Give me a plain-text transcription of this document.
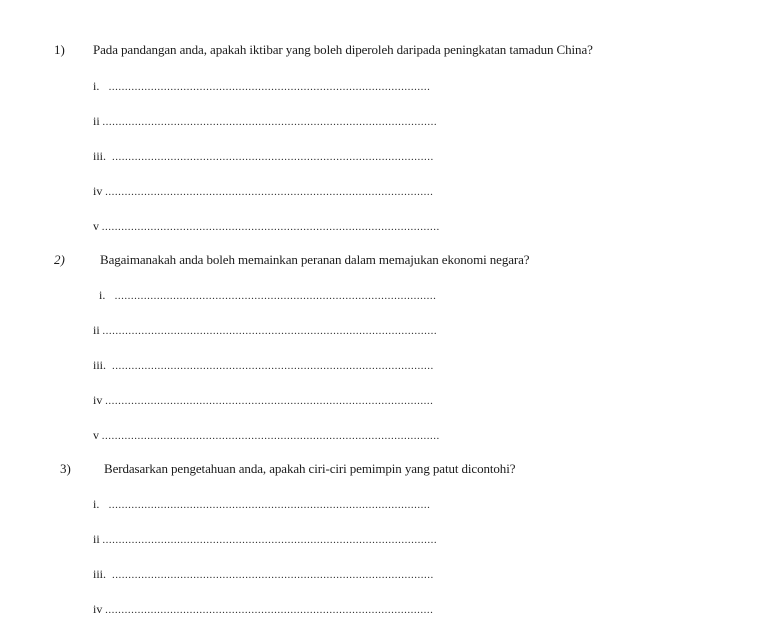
1) Pada pandangan anda, apakah iktibar yang boleh diperoleh daripada peningkatan tamadun China?
i.   ...................................................................................................
ii .......................................................................................................
iii.  ...................................................................................................
iv .....................................................................................................
v ........................................................................................................
2)	Bagaimanakah anda boleh memainkan peranan dalam memajukan ekonomi negara?
i.   ...................................................................................................
ii .......................................................................................................
iii.  ...................................................................................................
iv .....................................................................................................
v ........................................................................................................
3)	Berdasarkan pengetahuan anda, apakah ciri-ciri pemimpin yang patut dicontohi?
i.   ...................................................................................................
ii .......................................................................................................
iii.  ...................................................................................................
iv .....................................................................................................
